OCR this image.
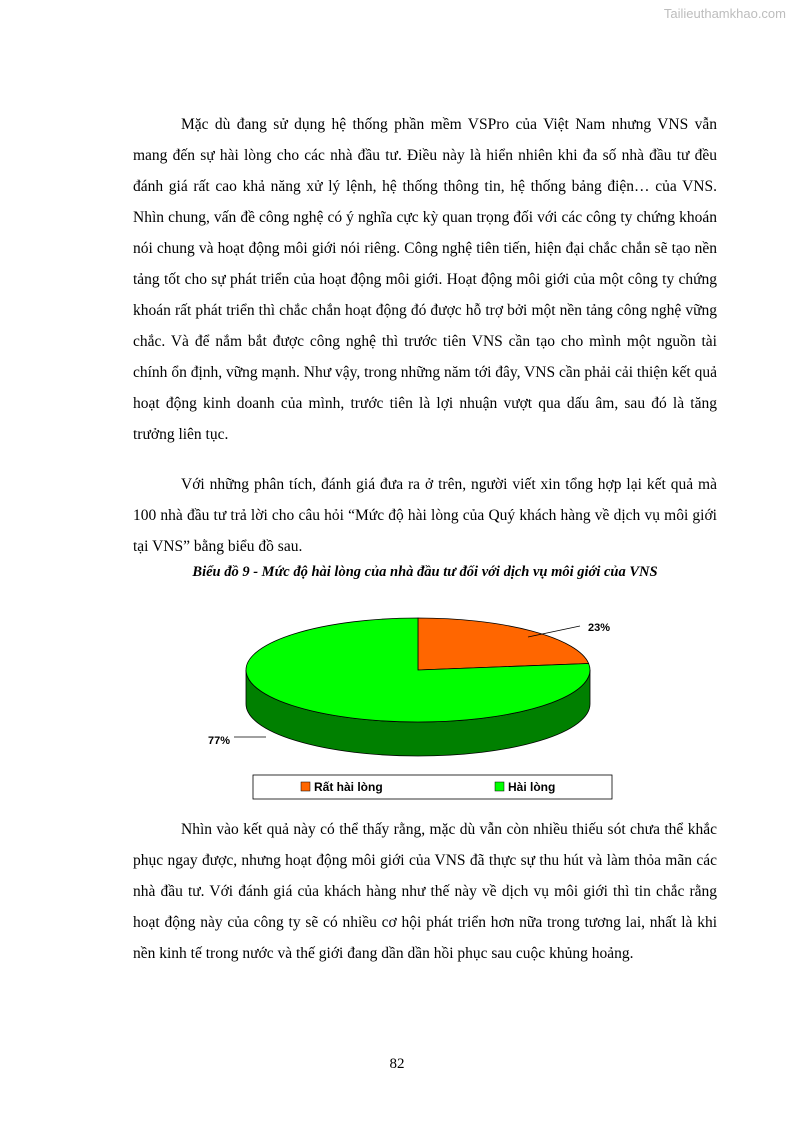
Tailieuthamkhao.com

Mặc dù đang sử dụng hệ thống phần mềm VSPro của Việt Nam nhưng VNS vẫn mang đến sự hài lòng cho các nhà đầu tư. Điều này là hiển nhiên khi đa số nhà đầu tư đều đánh giá rất cao khả năng xử lý lệnh, hệ thống thông tin, hệ thống bảng điện… của VNS. Nhìn chung, vấn đề công nghệ có ý nghĩa cực kỳ quan trọng đối với các công ty chứng khoán nói chung và hoạt động môi giới nói riêng. Công nghệ tiên tiến, hiện đại chắc chắn sẽ tạo nền tảng tốt cho sự phát triển của hoạt động môi giới. Hoạt động môi giới của một công ty chứng khoán rất phát triển thì chắc chắn hoạt động đó được hỗ trợ bởi một nền tảng công nghệ vững chắc. Và để nắm bắt được công nghệ thì trước tiên VNS cần tạo cho mình một nguồn tài chính ổn định, vững mạnh. Như vậy, trong những năm tới đây, VNS cần phải cải thiện kết quả hoạt động kinh doanh của mình, trước tiên là lợi nhuận vượt qua dấu âm, sau đó là tăng trưởng liên tục.

Với những phân tích, đánh giá đưa ra ở trên, người viết xin tổng hợp lại kết quả mà 100 nhà đầu tư trả lời cho câu hỏi “Mức độ hài lòng của Quý khách hàng về dịch vụ môi giới tại VNS” bằng biểu đồ sau.

Biểu đồ 9 - Mức độ hài lòng của nhà đầu tư đối với dịch vụ môi giới của VNS
23%
77%
Rất hài lòng	Hài lòng

Nhìn vào kết quả này có thể thấy rằng, mặc dù vẫn còn nhiều thiếu sót chưa thể khắc phục ngay được, nhưng hoạt động môi giới của VNS đã thực sự thu hút và làm thỏa mãn các nhà đầu tư. Với đánh giá của khách hàng như thế này về dịch vụ môi giới thì tin chắc rằng hoạt động này của công ty sẽ có nhiều cơ hội phát triển hơn nữa trong tương lai, nhất là khi nền kinh tế trong nước và thế giới đang dần dần hồi phục sau cuộc khủng hoảng.

82
